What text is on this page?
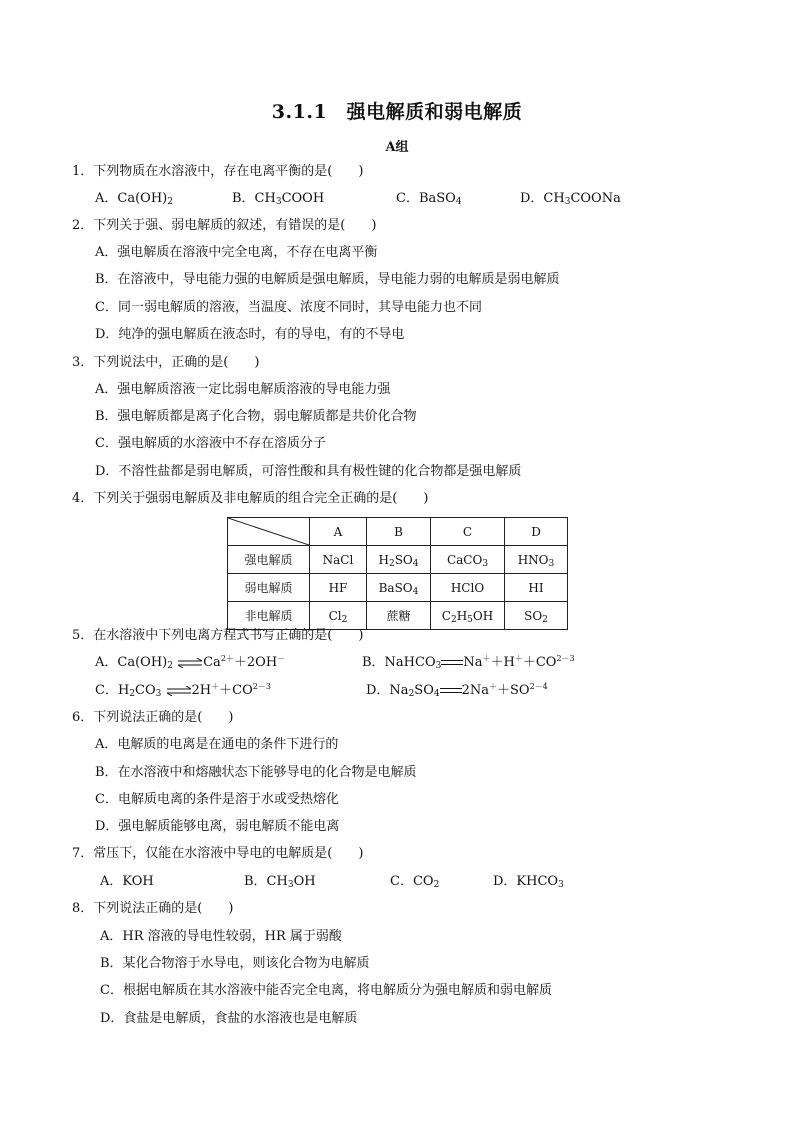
3.1.1　强电解质和弱电解质
A组
1．下列物质在水溶液中，存在电离平衡的是(　　)
A．$Ca(OH)_2$	B．$CH_3COOH$	C．BaSO$_4$	D．$CH_3COONa$
2．下列关于强、弱电解质的叙述，有错误的是(　　)
A．强电解质在溶液中完全电离，不存在电离平衡
B．在溶液中，导电能力强的电解质是强电解质，导电能力弱的电解质是弱电解质
C．同一弱电解质的溶液，当温度、浓度不同时，其导电能力也不同
D．纯净的强电解质在液态时，有的导电，有的不导电
3．下列说法中，正确的是(　　)
A．强电解质溶液一定比弱电解质溶液的导电能力强
B．强电解质都是离子化合物，弱电解质都是共价化合物
C．强电解质的水溶液中不存在溶质分子
D．不溶性盐都是弱电解质，可溶性酸和具有极性键的化合物都是强电解质
4．下列关于强弱电解质及非电解质的组合完全正确的是(　　)
	A	B	C	D
强电解质	NaCl	$H_2SO_4$	CaCO$_3$	$HNO_3$
弱电解质	HF	BaSO$_4$	HClO	HI
非电解质	$Cl_2$	蔗糖	$C_2H_5OH$	$SO_2$
5．在水溶液中下列电离方程式书写正确的是(　　)
A．$Ca(OH)_2$ $\rightleftharpoons Ca^{2+}+2OH^-$	B．NaHCO$_3$ $Na^++H^++CO^{2-3}$
C．$H_2CO_3$ $\rightleftharpoons 2H^++CO^{2-3}$	D．$Na_2SO_4$ $2Na^++SO^{2-4}$
6．下列说法正确的是(　　)
A．电解质的电离是在通电的条件下进行的
B．在水溶液中和熔融状态下能够导电的化合物是电解质
C．电解质电离的条件是溶于水或受热熔化
D．强电解质能够电离，弱电解质不能电离
7．常压下，仅能在水溶液中导电的电解质是(　　)
A．KOH	B．$CH_3OH$	C．$CO_2$	D．$KHCO_3$
8．下列说法正确的是(　　)
A．HR 溶液的导电性较弱，HR 属于弱酸
B．某化合物溶于水导电，则该化合物为电解质
C．根据电解质在其水溶液中能否完全电离，将电解质分为强电解质和弱电解质
D．食盐是电解质，食盐的水溶液也是电解质
